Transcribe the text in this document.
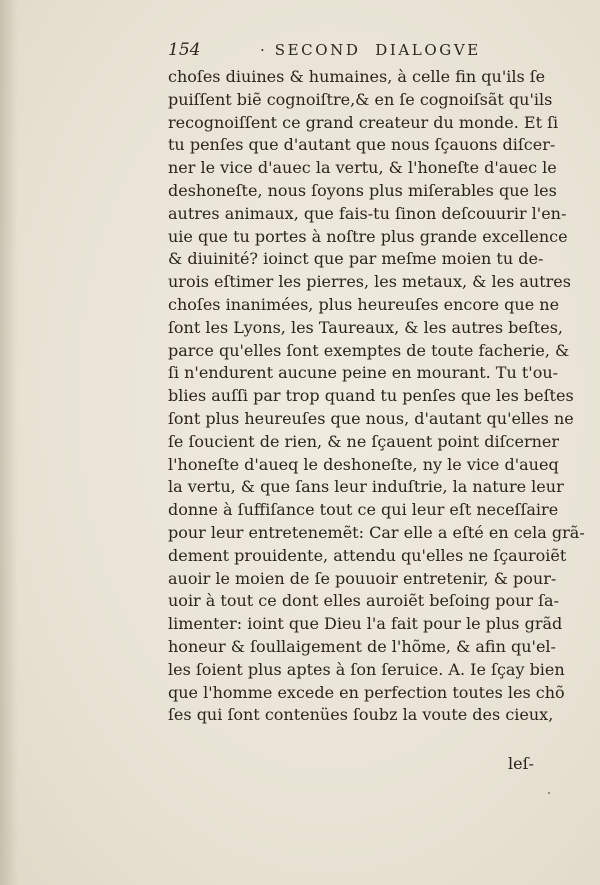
154	· SECOND  DIALOGVE
choſes diuines & humaines, à celle fin qu'ils ſe
puiſſent biẽ cognoiſtre,& en ſe cognoiſsãt qu'ils
recognoiſſent ce grand createur du monde. Et ſi
tu penſes que d'autant que nous ſçauons diſcer-
ner le vice d'auec la vertu, & l'honeſte d'auec le
deshoneſte, nous ſoyons plus miſerables que les
autres animaux, que fais-tu ſinon deſcouurir l'en-
uie que tu portes à noſtre plus grande excellence
& diuinité? ioinct que par meſme moien tu de-
urois eſtimer les pierres, les metaux, & les autres
choſes inanimées, plus heureuſes encore que ne
ſont les Lyons, les Taureaux, & les autres beſtes,
parce qu'elles ſont exemptes de toute facherie, &
ſi n'endurent aucune peine en mourant. Tu t'ou-
blies auſſi par trop quand tu penſes que les beſtes
ſont plus heureuſes que nous, d'autant qu'elles ne
ſe ſoucient de rien, & ne ſçauent point diſcerner
l'honeſte d'aueq le deshoneſte, ny le vice d'aueq
la vertu, & que ſans leur induſtrie, la nature leur
donne à ſuffiſance tout ce qui leur eſt neceſſaire
pour leur entretenemẽt: Car elle a eſté en cela grã-
dement prouidente, attendu qu'elles ne ſçauroiẽt
auoir le moien de ſe pouuoir entretenir, & pour-
uoir à tout ce dont elles auroiẽt beſoing pour ſa-
limenter: ioint que Dieu l'a fait pour le plus grãd
honeur & ſoullaigement de l'hõme, & afin qu'el-
les ſoient plus aptes à ſon ſeruice. A. Ie ſçay bien
que l'homme excede en perfection toutes les chõ
ſes qui ſont contenües ſoubz la voute des cieux,
leſ-
